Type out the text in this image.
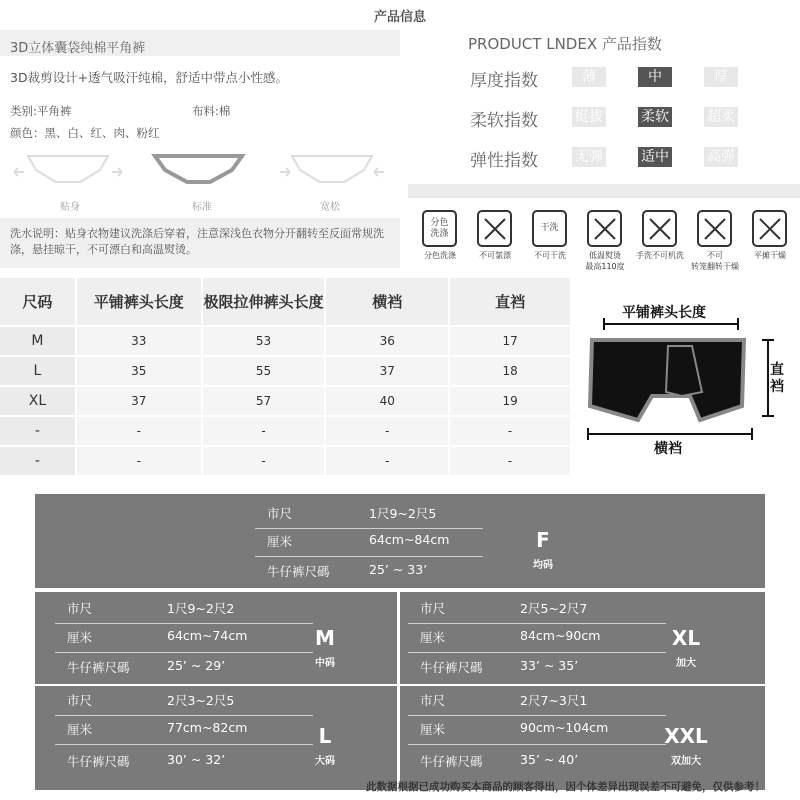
产品信息
3D立体囊袋纯棉平角裤
3D裁剪设计+透气吸汗纯棉，舒适中带点小性感。
类别:平角裤	布料:棉
颜色：黑、白、红、肉、粉红
贴身	标准	宽松
洗水说明：贴身衣物建议洗涤后穿着，注意深浅色衣物分开翻转至反面常规洗涤，悬挂晾干，不可漂白和高温熨烫。
PRODUCT LNDEX 产品指数
厚度指数	薄	中	厚
柔软指数	挺拔	柔软	超柔
弹性指数	无弹	适中	高弹
分色
洗涤
分色洗涤	不可氯漂
干洗
不可干洗	低温熨烫
最高110度
手洗不可机洗	不可
转笼翻转干燥
平摊干燥
尺码	平铺裤头长度	极限拉伸裤头长度	横裆	直裆
M	33	53	36	17
L	35	55	37	18
XL	37	57	40	19
-	-	-	-	-
-	-	-	-	-
平铺裤头长度
直裆
横裆
市尺	1尺9~2尺5
厘米	64cm~84cm
牛仔裤尺碼	25’ ~ 33’
F
均码
市尺	1尺9~2尺2
厘米	64cm~74cm
牛仔裤尺碼	25’ ~ 29’
M
中码
市尺	2尺5~2尺7
厘米	84cm~90cm
牛仔裤尺碼	33’ ~ 35’
XL
加大
市尺	2尺3~2尺5
厘米	77cm~82cm
牛仔裤尺碼	30’ ~ 32’
L
大码
市尺	2尺7~3尺1
厘米	90cm~104cm
牛仔裤尺碼	35’ ~ 40’
XXL
双加大
此数据根据已成功购买本商品的顾客得出，因个体差异出现误差不可避免，仅供参考！
